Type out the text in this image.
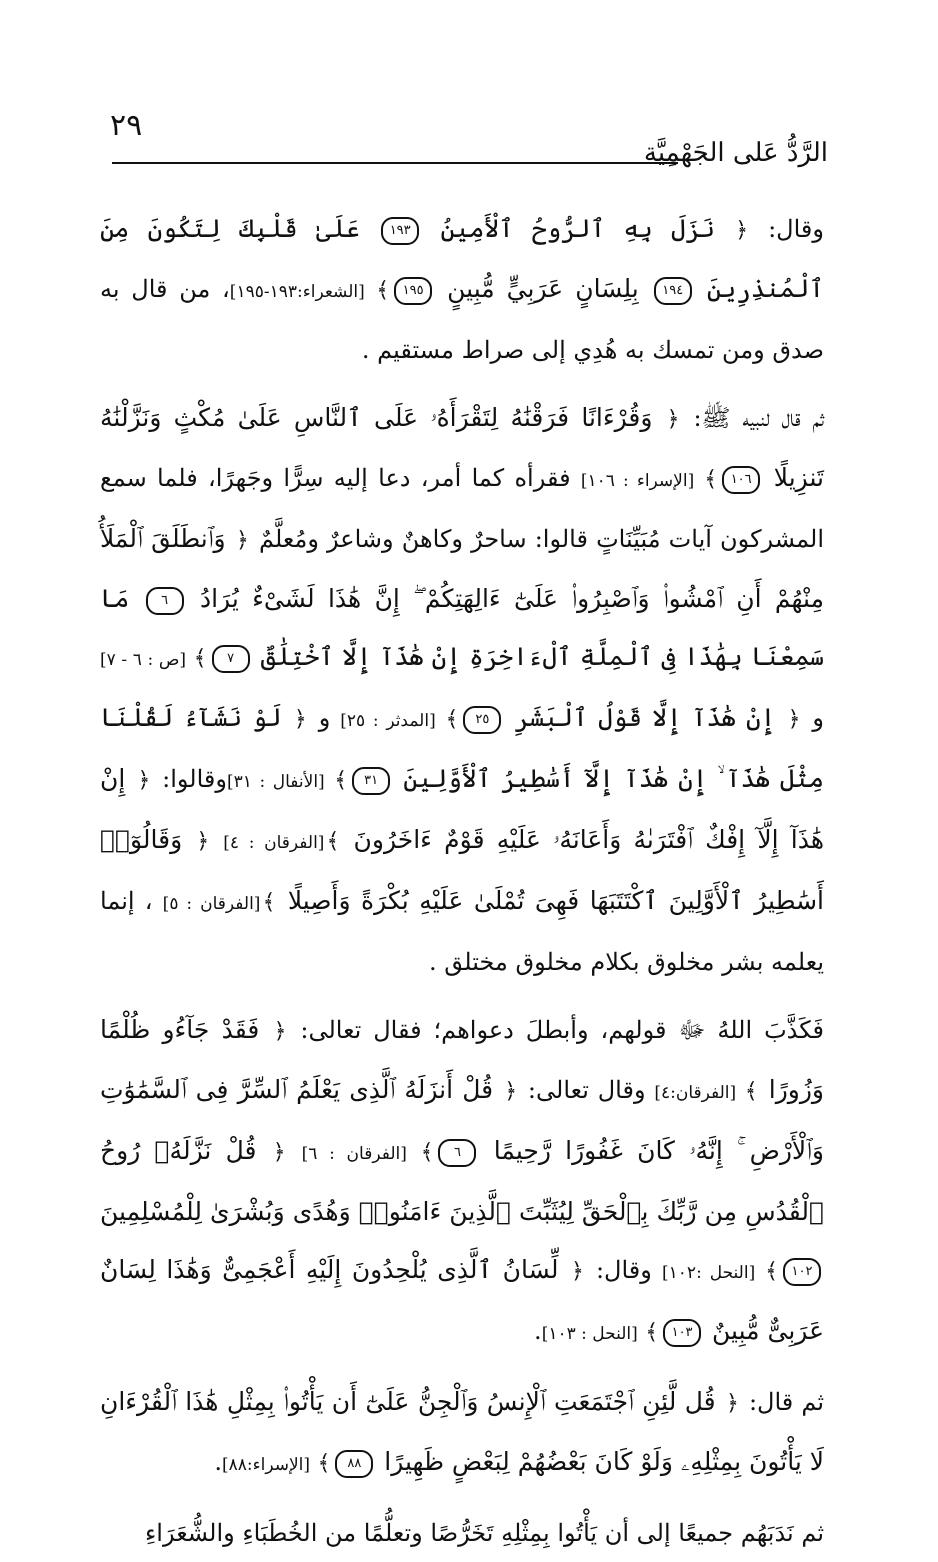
٢٩
الرَّدُّ عَلى الجَهْمِيَّة

وقال: ﴿ نَزَلَ بِهِ ٱلرُّوحُ ٱلْأَمِينُ ١٩٣ عَلَىٰ قَلْبِكَ لِتَكُونَ مِنَ ٱلْمُنذِرِينَ ١٩٤ بِلِسَانٍ عَرَبِيٍّ مُّبِينٍ ١٩٥﴾ [الشعراء:١٩٣-١٩٥]، من قال به صدق ومن تمسك به هُدِي إلى صراط مستقيم .

ثم قال لنبيه ﷺ: ﴿ وَقُرْءَانًا فَرَقْنَٰهُ لِتَقْرَأَهُۥ عَلَى ٱلنَّاسِ عَلَىٰ مُكْثٍ وَنَزَّلْنَٰهُ تَنزِيلًا ١٠٦﴾ [الإسراء : ١٠٦] فقرأه كما أمر، دعا إليه سِرًّا وجَهرًا، فلما سمع المشركون آيات مُبَيِّنَاتٍ قالوا: ساحرٌ وكاهنٌ وشاعرٌ ومُعلَّمٌ ﴿ وَٱنطَلَقَ ٱلْمَلَأُ مِنْهُمْ أَنِ ٱمْشُوا۟ وَٱصْبِرُوا۟ عَلَىٰٓ ءَالِهَتِكُمْ ۖ إِنَّ هَٰذَا لَشَىْءٌ يُرَادُ ٦ مَا سَمِعْنَا بِهَٰذَا فِى ٱلْمِلَّةِ ٱلْءَاخِرَةِ إِنْ هَٰذَآ إِلَّا ٱخْتِلَٰقٌ ٧﴾ [ص : ٦ - ٧] و ﴿ إِنْ هَٰذَآ إِلَّا قَوْلُ ٱلْبَشَرِ ٢٥﴾ [المدثر : ٢٥] و ﴿ لَوْ نَشَآءُ لَقُلْنَا مِثْلَ هَٰذَآ ۙ إِنْ هَٰذَآ إِلَّآ أَسَٰطِيرُ ٱلْأَوَّلِينَ ٣١﴾ [الأنفال : ٣١]وقالوا: ﴿ إِنْ هَٰذَآ إِلَّآ إِفْكٌ ٱفْتَرَىٰهُ وَأَعَانَهُۥ عَلَيْهِ قَوْمٌ ءَاخَرُونَ ﴾[الفرقان : ٤] ﴿ وَقَالُوٓا۟ أَسَٰطِيرُ ٱلْأَوَّلِينَ ٱكْتَتَبَهَا فَهِىَ تُمْلَىٰ عَلَيْهِ بُكْرَةً وَأَصِيلًا ﴾[الفرقان : ٥] ، إنما يعلمه بشر مخلوق بكلام مخلوق مختلق .

فَكَذَّبَ اللهُ ﷻ قولهم، وأبطلَ دعواهم؛ فقال تعالى: ﴿ فَقَدْ جَآءُو ظُلْمًا وَزُورًا ﴾ [الفرقان:٤] وقال تعالى: ﴿ قُلْ أَنزَلَهُ ٱلَّذِى يَعْلَمُ ٱلسِّرَّ فِى ٱلسَّمَٰوَٰتِ وَٱلْأَرْضِ ۚ إِنَّهُۥ كَانَ غَفُورًا رَّحِيمًا ٦﴾ [الفرقان : ٦] ﴿ قُلْ نَزَّلَهُۥ رُوحُ ٱلْقُدُسِ مِن رَّبِّكَ بِٱلْحَقِّ لِيُثَبِّتَ ٱلَّذِينَ ءَامَنُوا۟ وَهُدًى وَبُشْرَىٰ لِلْمُسْلِمِينَ ١٠٢﴾ [النحل :١٠٢] وقال: ﴿ لِّسَانُ ٱلَّذِى يُلْحِدُونَ إِلَيْهِ أَعْجَمِىٌّ وَهَٰذَا لِسَانٌ عَرَبِىٌّ مُّبِينٌ ١٠٣﴾ [النحل : ١٠٣].

ثم قال: ﴿ قُل لَّئِنِ ٱجْتَمَعَتِ ٱلْإِنسُ وَٱلْجِنُّ عَلَىٰٓ أَن يَأْتُوا۟ بِمِثْلِ هَٰذَا ٱلْقُرْءَانِ لَا يَأْتُونَ بِمِثْلِهِۦ وَلَوْ كَانَ بَعْضُهُمْ لِبَعْضٍ ظَهِيرًا ٨٨﴾ [الإسراء:٨٨].

ثم نَدَبَهُم جميعًا إلى أن يَأْتُوا بِمِثْلِهِ تَخَرُّصًا وتعلُّمًا من الخُطَبَاءِ والشُّعَرَاءِ
